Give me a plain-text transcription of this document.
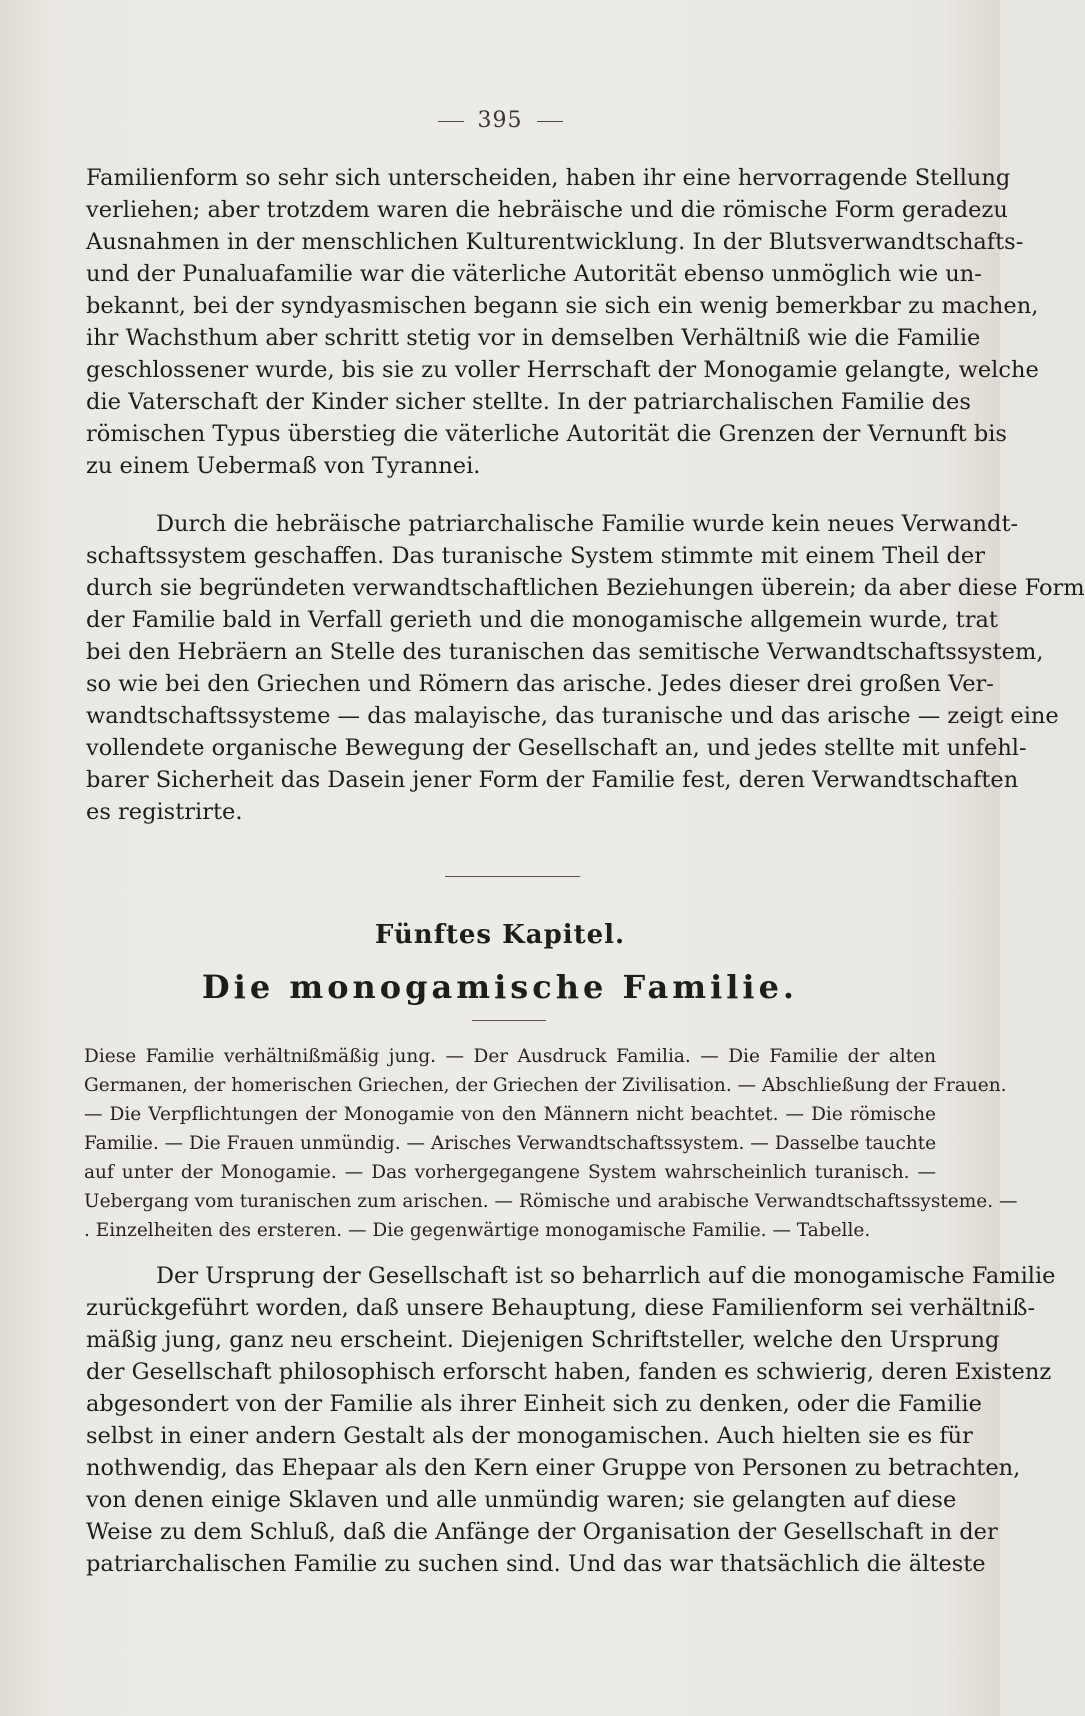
395
Familienform so sehr sich unterscheiden, haben ihr eine hervorragende Stellung
verliehen; aber trotzdem waren die hebräische und die römische Form geradezu
Ausnahmen in der menschlichen Kulturentwicklung. In der Blutsverwandtschafts-
und der Punaluafamilie war die väterliche Autorität ebenso unmöglich wie un-
bekannt, bei der syndyasmischen begann sie sich ein wenig bemerkbar zu machen,
ihr Wachsthum aber schritt stetig vor in demselben Verhältniß wie die Familie
geschlossener wurde, bis sie zu voller Herrschaft der Monogamie gelangte, welche
die Vaterschaft der Kinder sicher stellte. In der patriarchalischen Familie des
römischen Typus überstieg die väterliche Autorität die Grenzen der Vernunft bis
zu einem Uebermaß von Tyrannei.
Durch die hebräische patriarchalische Familie wurde kein neues Verwandt-
schaftssystem geschaffen. Das turanische System stimmte mit einem Theil der
durch sie begründeten verwandtschaftlichen Beziehungen überein; da aber diese Form
der Familie bald in Verfall gerieth und die monogamische allgemein wurde, trat
bei den Hebräern an Stelle des turanischen das semitische Verwandtschaftssystem,
so wie bei den Griechen und Römern das arische. Jedes dieser drei großen Ver-
wandtschaftssysteme — das malayische, das turanische und das arische — zeigt eine
vollendete organische Bewegung der Gesellschaft an, und jedes stellte mit unfehl-
barer Sicherheit das Dasein jener Form der Familie fest, deren Verwandtschaften
es registrirte.
Fünftes Kapitel.
Die monogamische Familie.
Diese Familie verhältnißmäßig jung. — Der Ausdruck Familia. — Die Familie der alten
Germanen, der homerischen Griechen, der Griechen der Zivilisation. — Abschließung der Frauen.
— Die Verpflichtungen der Monogamie von den Männern nicht beachtet. — Die römische
Familie. — Die Frauen unmündig. — Arisches Verwandtschaftssystem. — Dasselbe tauchte
auf unter der Monogamie. — Das vorhergegangene System wahrscheinlich turanisch. —
Uebergang vom turanischen zum arischen. — Römische und arabische Verwandtschaftssysteme. —
. Einzelheiten des ersteren. — Die gegenwärtige monogamische Familie. — Tabelle.
Der Ursprung der Gesellschaft ist so beharrlich auf die monogamische Familie
zurückgeführt worden, daß unsere Behauptung, diese Familienform sei verhältniß-
mäßig jung, ganz neu erscheint. Diejenigen Schriftsteller, welche den Ursprung
der Gesellschaft philosophisch erforscht haben, fanden es schwierig, deren Existenz
abgesondert von der Familie als ihrer Einheit sich zu denken, oder die Familie
selbst in einer andern Gestalt als der monogamischen. Auch hielten sie es für
nothwendig, das Ehepaar als den Kern einer Gruppe von Personen zu betrachten,
von denen einige Sklaven und alle unmündig waren; sie gelangten auf diese
Weise zu dem Schluß, daß die Anfänge der Organisation der Gesellschaft in der
patriarchalischen Familie zu suchen sind. Und das war thatsächlich die älteste
